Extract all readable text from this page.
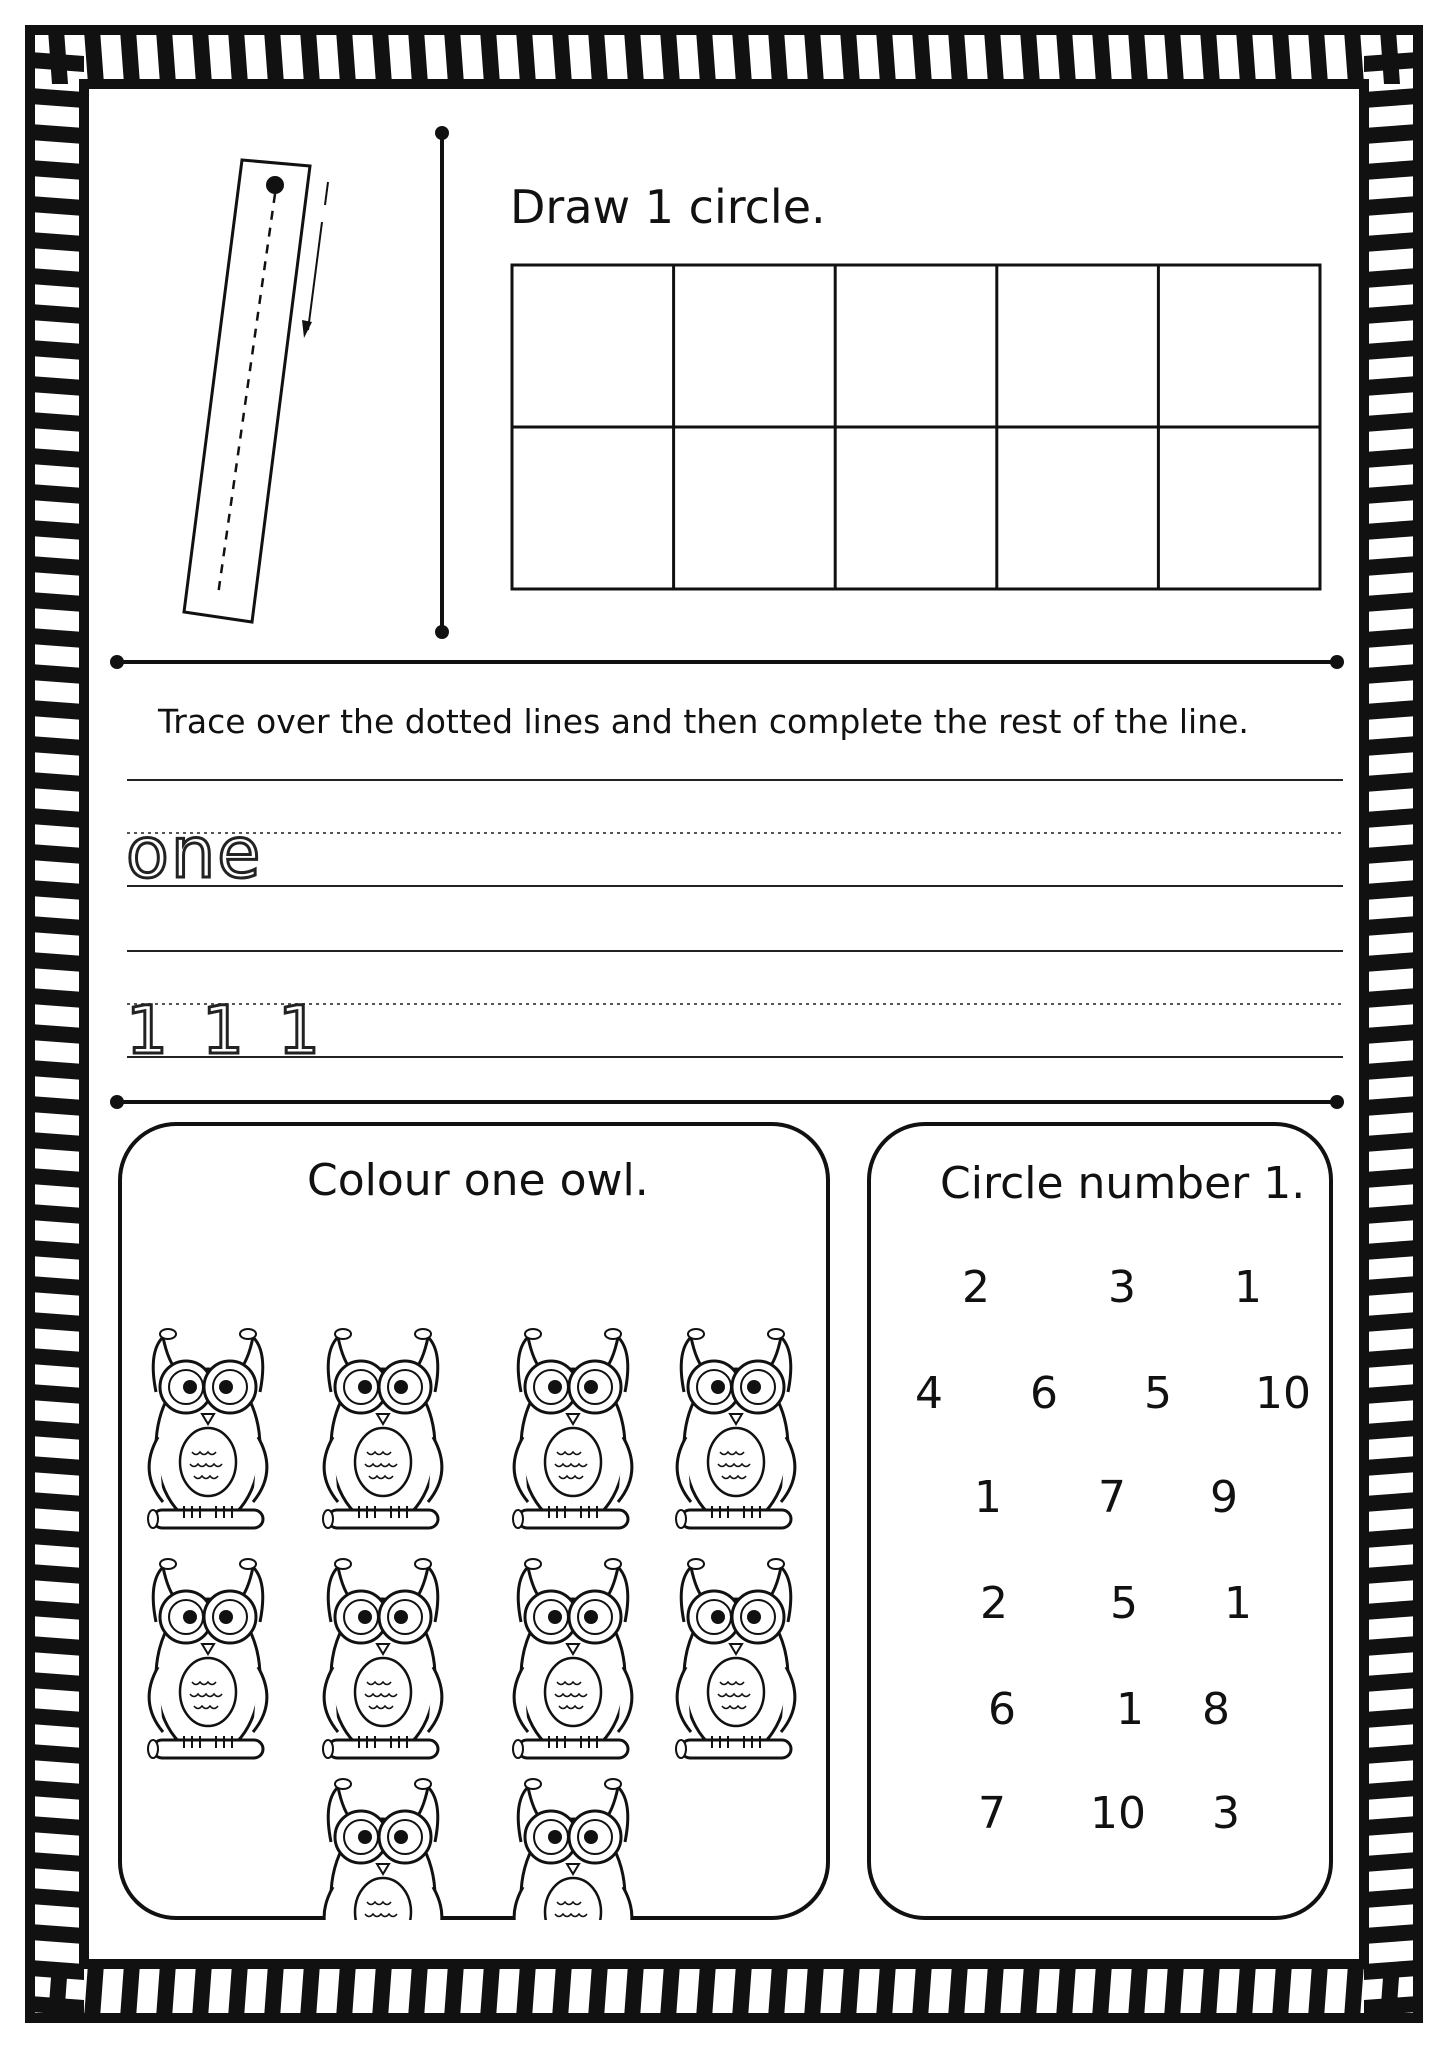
Draw 1 circle.
Trace over the dotted lines and then complete the rest of the line.
one
1 1 1
Colour one owl.	Circle number 1.
2	3 1
4 6 5 10
1 7 9
2 5 1
6 1 8
7 10 3
